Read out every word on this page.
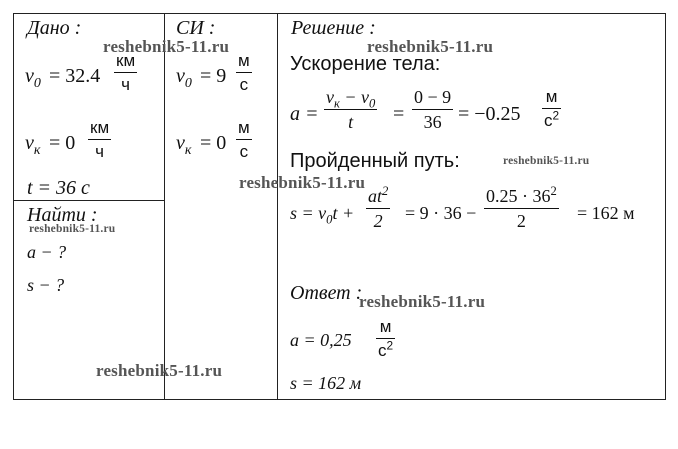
Дано :	СИ :	Решение :
$v_0 = 32.4$
км
ч
$v_к = 0$
км
ч
t = 36 с
$v_0 = 9$
м
с
$v_к = 0$
м
с
Найти :
a − ?
s − ?
Ускорение тела:
a =
$v_к - v_0$
t =
0 − 9
36 = −0.25
м
$с^2$
Пройденный путь:
$s = v_0t$ +
$at^2$
2 = 9 · 36 −
$0.25 \cdot 36^2$
2	= 162 м
Ответ :
a = 0,25
м
$с^2$
s = 162 м
reshebnik5-11.ru	reshebnik5-11.ru
reshebnik5-11.ru
reshebnik5-11.ru
reshebnik5-11.ru
reshebnik5-11.ru
reshebnik5-11.ru
